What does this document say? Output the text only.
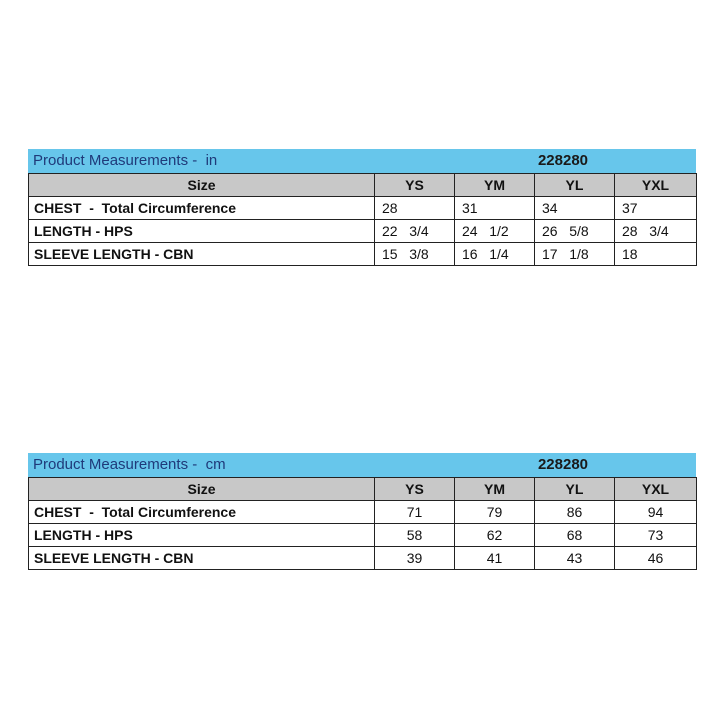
Product Measurements -  in	228280
Size	YS	YM	YL	YXL
CHEST  -  Total Circumference	28	31	34	37
LENGTH - HPS	22   3/4	24   1/2	26   5/8	28   3/4
SLEEVE LENGTH - CBN	15   3/8	16   1/4	17   1/8	18
Product Measurements -  cm	228280
Size	YS	YM	YL	YXL
CHEST  -  Total Circumference	71	79	86	94
LENGTH - HPS	58	62	68	73
SLEEVE LENGTH - CBN	39	41	43	46
